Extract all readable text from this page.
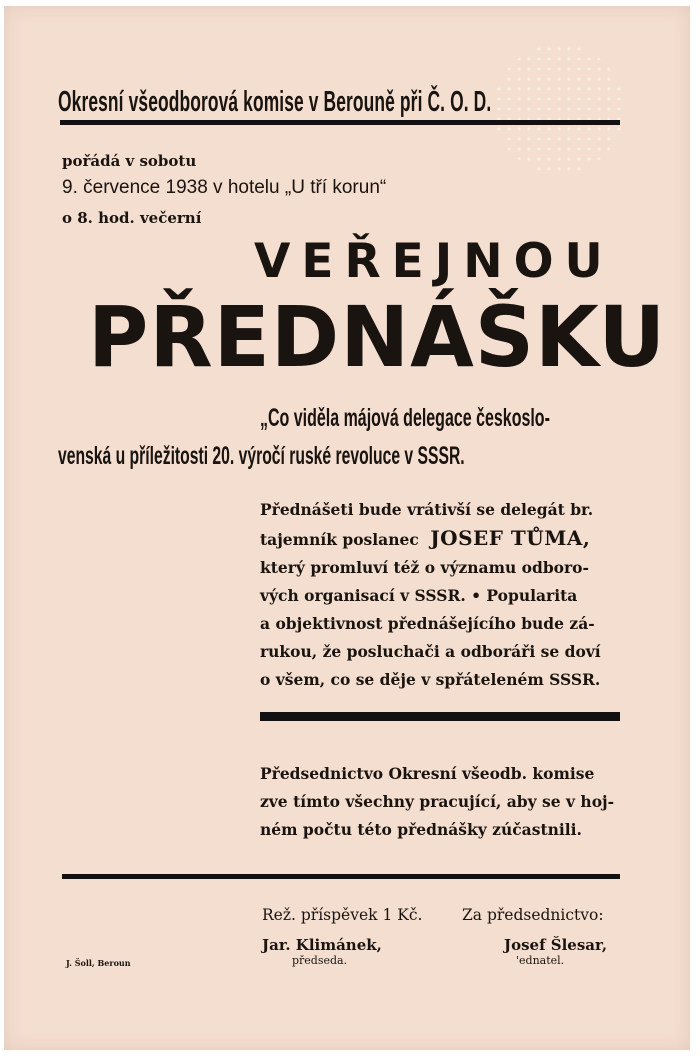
Okresní všeodborová komise v Berouně při Č. O. D.
pořádá v sobotu
9. července 1938 v hotelu „U tří korun“
o 8. hod. večerní
VEŘEJNOU
PŘEDNÁŠKU
„Co viděla májová delegace českoslo-
venská u příležitosti 20. výročí ruské revoluce v SSSR.
Přednášeti bude vrátivší se delegát br.
tajemník poslanec JOSEF TŮMA,
který promluví též o významu odboro-
vých organisací v SSSR. • Popularita
a objektivnost přednášejícího bude zá-
rukou, že posluchači a odboráři se doví
o všem, co se děje v spřáteleném SSSR.
Předsednictvo Okresní všeodb. komise
zve tímto všechny pracující, aby se v hoj-
ném počtu této přednášky zúčastnili.
Rež. příspěvek 1 Kč.	Za předsednictvo:
Jar. Klimánek,
předseda.
Josef Šlesar,
'ednatel.
J. Šoll, Beroun
